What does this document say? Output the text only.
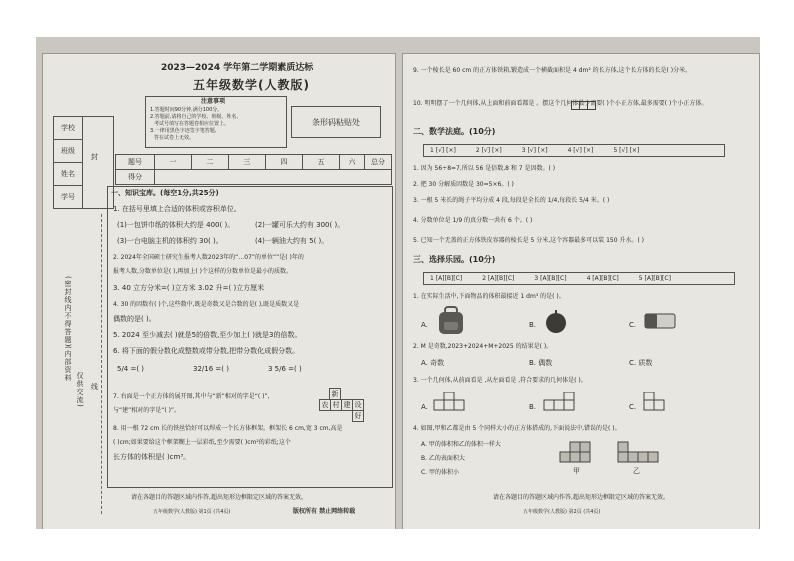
2023—2024 学年第二学期素质达标
五年级数学(人教版)
注意事项
1.答题时间90分钟,满分100分。
2.答题前,请将自己的学校、班级、姓名、
考试号填写在答题卷相应位置上。
3.一律用黑色字迹签字笔答题,
答在试卷上无效。
条形码粘贴处
学校
班级
姓名
学号
(密封线内不得答题)
(内部资料
仅供交流)
封
线
题号	一	二	三	四	五	六	总分
得分
一、知识宝库。(每空1分,共25分)
1. 在括号里填上合适的体积或容积单位。
(1)一包饼巾纸的体积大约是 400( )。	(2)一罐可乐大约有 300( )。
(3)一台电脑主机的体积约 30( )。	(4)一辆油大约有 5( )。
2. 2024年全国硕士研究生报考人数2023年的“…07”的单位“”是( )年的
报考人数,分数单位是( ),再加上( )个这样的分数单位是最小的质数。
3. 40 立方分米=( )立方米 3.02 升=( )立方厘米
4. 30 的因数有( )个,这些数中,既是奇数又是合数的是( ),既是质数又是
偶数的是( )。
5. 2024 至少减去( )就是5的倍数,至少加上( )就是3的倍数。
6. 将下面的假分数化成整数或带分数,把带分数化成假分数。
5/4 =( )	32/16 =( )	3 5/6 =( )
7. 右面是一个正方体的展开图,其中与“新”相对的字是“( )”,
与“建”相对的字是“( )”。
新
农 村 建 设
好
8. 用一根 72 cm 长的铁丝恰好可以焊成一个长方体框架。框架长 6 cm,宽 3 cm,高是
( )cm;如果要给这个框架糊上一层彩纸,至少需要( )cm²的彩纸;这个
长方体的体积是( )cm³。
请在各题目的答题区域内作答,超出矩形边框限定区域的答案无效。
五年级数学(人教版) 第1页 (共4页)	版权所有 禁止网络转载
9. 一个棱长是 60 cm 的正方体铁箱,锻造成一个横截面积是 4 dm² 的长方体,这个长方体的长是( )分米。
10. 明明摆了一个几何体,从上面和前面看都是 。摆这个几何体最少需要( )个小正方体,最多需要( )个小正方体。
二、数学法庭。(10分)
1 [√] [×]	2 [√] [×]	3 [√] [×]	4 [√] [×]	5 [√] [×]
1. 因为 56÷8=7,所以 56 是倍数,8 和 7 是因数。( )
2. 把 30 分解质因数是 30=5×6。( )
3. 一根 5 米长的绳子平均分成 4 段,每段是全长的 1/4,每段长 5/4 米。( )
4. 分数单位是 1/9 的真分数一共有 6 个。( )
5. 已知一个无盖的正方体铁皮容器的棱长是 5 分米,这个容器最多可以装 150 升水。( )
三、选择乐园。(10分)
1 [A][B][C]	2 [A][B][C]	3 [A][B][C]	4 [A][B][C]	5 [A][B][C]
1. 在实际生活中,下面物品的体积最接近 1 dm³ 的是( )。
A.	B.	C.
2. M 是奇数,2023+2024+M+2025 的结果是( )。
A. 奇数	B. 偶数	C. 质数
3. 一个几何体,从前面看是 ,从左面看是 ,符合要求的几何体是( )。
A.	B.	C.
4. 如图,甲和乙都是由 5 个同样大小的正方体搭成的,下面说法中,错误的是( )。
A. 甲的体积和乙的体积一样大
B. 乙的表面积大
C. 甲的体积小	甲	乙
请在各题目的答题区域内作答,超出矩形边框限定区域的答案无效。
五年级数学(人教版) 第2页 (共4页)
